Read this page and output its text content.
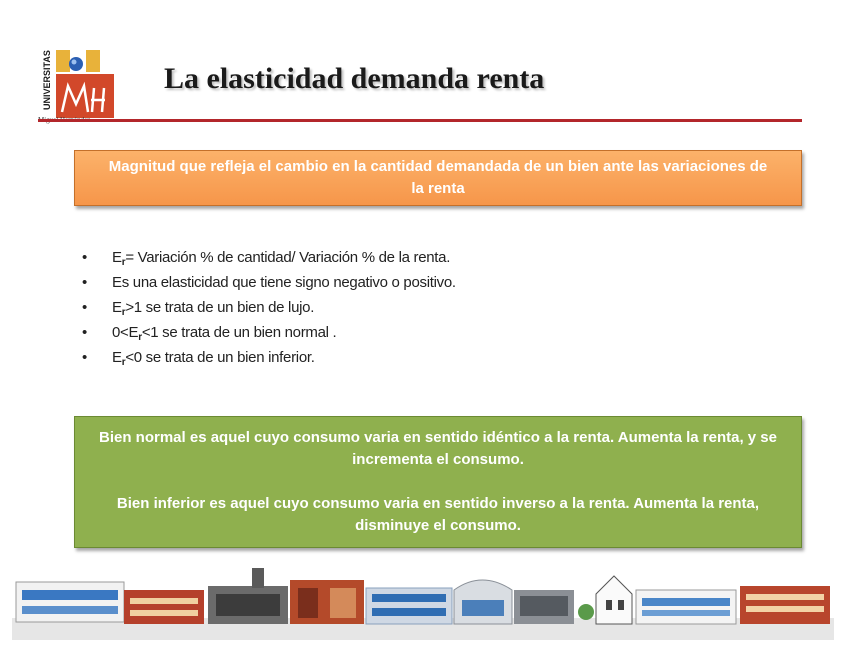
UNIVERSITAS	La elasticidad demanda renta
Magnitud que refleja el cambio en la cantidad demandada de un bien ante las variaciones de la renta
• $E_r=$ Variación % de cantidad/ Variación % de la renta.
• Es una elasticidad que tiene signo negativo o positivo.
• $E_r>1$ se trata de un bien de lujo.
• $0<E_r<1$ se trata de un bien normal .
• $E_r<0$ se trata de un bien inferior.

Bien normal es aquel cuyo consumo varia en sentido idéntico a la renta. Aumenta la renta, y se incrementa el consumo.

Bien inferior es aquel cuyo consumo varia en sentido inverso a la renta. Aumenta la renta, disminuye el consumo.
